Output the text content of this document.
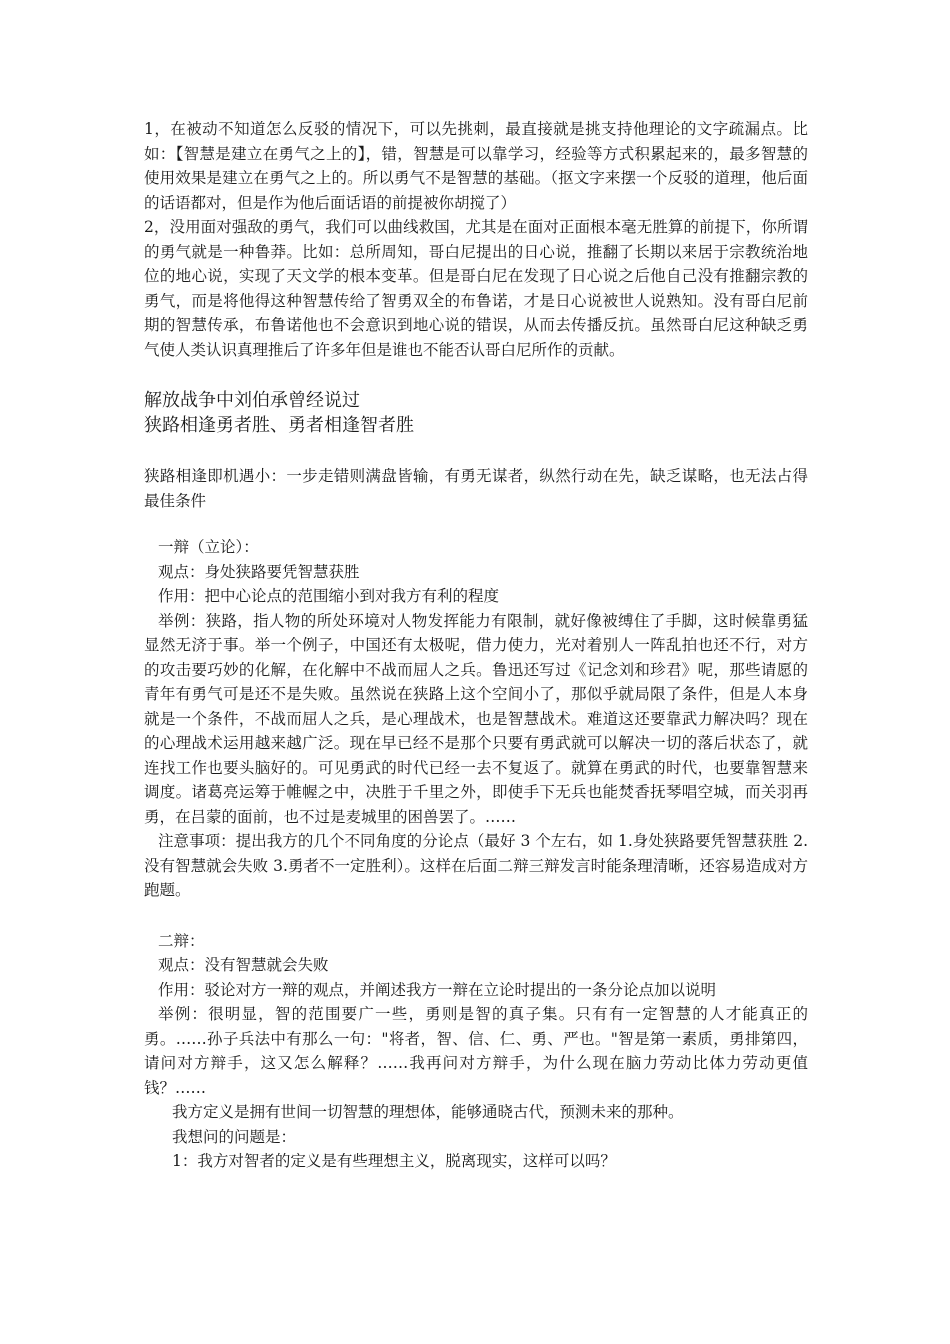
1，在被动不知道怎么反驳的情况下，可以先挑刺，最直接就是挑支持他理论的文字疏漏点。比如：【智慧是建立在勇气之上的】，错，智慧是可以靠学习，经验等方式积累起来的，最多智慧的使用效果是建立在勇气之上的。所以勇气不是智慧的基础。（抠文字来摆一个反驳的道理，他后面的话语都对，但是作为他后面话语的前提被你胡搅了）

2，没用面对强敌的勇气，我们可以曲线救国，尤其是在面对正面根本毫无胜算的前提下，你所谓的勇气就是一种鲁莽。比如：总所周知，哥白尼提出的日心说，推翻了长期以来居于宗教统治地位的地心说，实现了天文学的根本变革。但是哥白尼在发现了日心说之后他自己没有推翻宗教的勇气，而是将他得这种智慧传给了智勇双全的布鲁诺，才是日心说被世人说熟知。没有哥白尼前期的智慧传承，布鲁诺他也不会意识到地心说的错误，从而去传播反抗。虽然哥白尼这种缺乏勇气使人类认识真理推后了许多年但是谁也不能否认哥白尼所作的贡献。

解放战争中刘伯承曾经说过

狭路相逢勇者胜、勇者相逢智者胜

狭路相逢即机遇小：一步走错则满盘皆输，有勇无谋者，纵然行动在先，缺乏谋略，也无法占得最佳条件

一辩（立论）：

观点：身处狭路要凭智慧获胜

作用：把中心论点的范围缩小到对我方有利的程度

举例：狭路，指人物的所处环境对人物发挥能力有限制，就好像被缚住了手脚，这时候靠勇猛显然无济于事。举一个例子，中国还有太极呢，借力使力，光对着别人一阵乱拍也还不行，对方的攻击要巧妙的化解，在化解中不战而屈人之兵。鲁迅还写过《记念刘和珍君》呢，那些请愿的青年有勇气可是还不是失败。虽然说在狭路上这个空间小了，那似乎就局限了条件，但是人本身就是一个条件，不战而屈人之兵，是心理战术，也是智慧战术。难道这还要靠武力解决吗？现在的心理战术运用越来越广泛。现在早已经不是那个只要有勇武就可以解决一切的落后状态了，就连找工作也要头脑好的。可见勇武的时代已经一去不复返了。就算在勇武的时代，也要靠智慧来调度。诸葛亮运筹于帷幄之中，决胜于千里之外，即使手下无兵也能焚香抚琴唱空城，而关羽再勇，在吕蒙的面前，也不过是麦城里的困兽罢了。……

注意事项：提出我方的几个不同角度的分论点（最好 3 个左右，如 1.身处狭路要凭智慧获胜 2.没有智慧就会失败 3.勇者不一定胜利）。这样在后面二辩三辩发言时能条理清晰，还容易造成对方跑题。

二辩：

观点：没有智慧就会失败

作用：驳论对方一辩的观点，并阐述我方一辩在立论时提出的一条分论点加以说明

举例：很明显，智的范围要广一些，勇则是智的真子集。只有有一定智慧的人才能真正的勇。……孙子兵法中有那么一句："将者，智、信、仁、勇、严也。"智是第一素质，勇排第四，请问对方辩手，这又怎么解释？……我再问对方辩手，为什么现在脑力劳动比体力劳动更值钱？……

我方定义是拥有世间一切智慧的理想体，能够通晓古代，预测未来的那种。

我想问的问题是：

1：我方对智者的定义是有些理想主义，脱离现实，这样可以吗？
